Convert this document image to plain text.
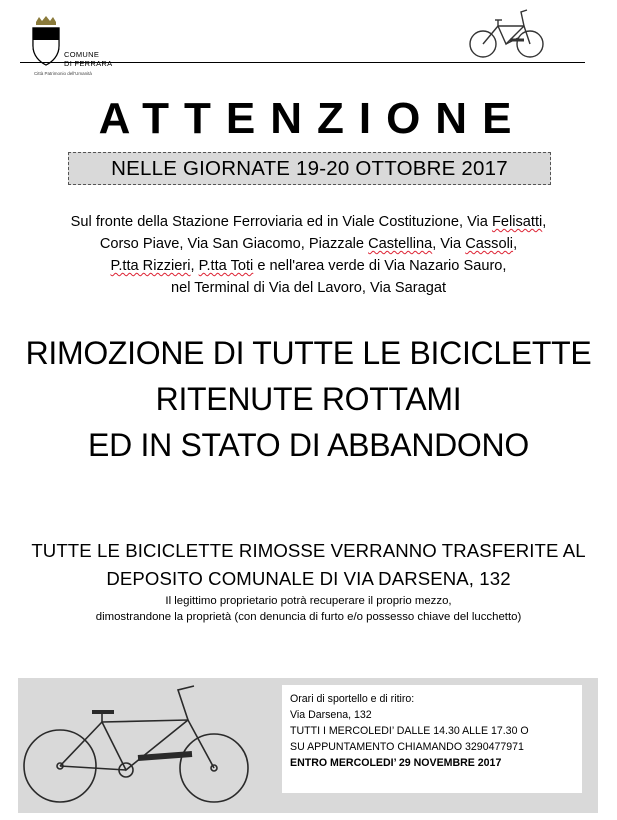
COMUNE
DI FERRARA
Città Patrimonio dell'Umanità
ATTENZIONE
NELLE GIORNATE 19-20 OTTOBRE 2017
Sul fronte della Stazione Ferroviaria ed in Viale Costituzione, Via Felisatti,
Corso Piave, Via San Giacomo, Piazzale Castellina, Via Cassoli,
P.tta Rizzieri, P.tta Toti e nell'area verde di Via Nazario Sauro,
nel Terminal di Via del Lavoro, Via Saragat
RIMOZIONE DI TUTTE LE BICICLETTE
RITENUTE ROTTAMI
ED IN STATO DI ABBANDONO
TUTTE LE BICICLETTE RIMOSSE VERRANNO TRASFERITE AL
DEPOSITO COMUNALE DI VIA DARSENA, 132
Il legittimo proprietario potrà recuperare il proprio mezzo,
dimostrandone la proprietà (con denuncia di furto e/o possesso chiave del lucchetto)
Orari di sportello e di ritiro:
Via Darsena, 132
TUTTI I MERCOLEDI’ DALLE 14.30 ALLE 17.30 O
SU APPUNTAMENTO CHIAMANDO 3290477971
ENTRO MERCOLEDI’ 29 NOVEMBRE 2017
